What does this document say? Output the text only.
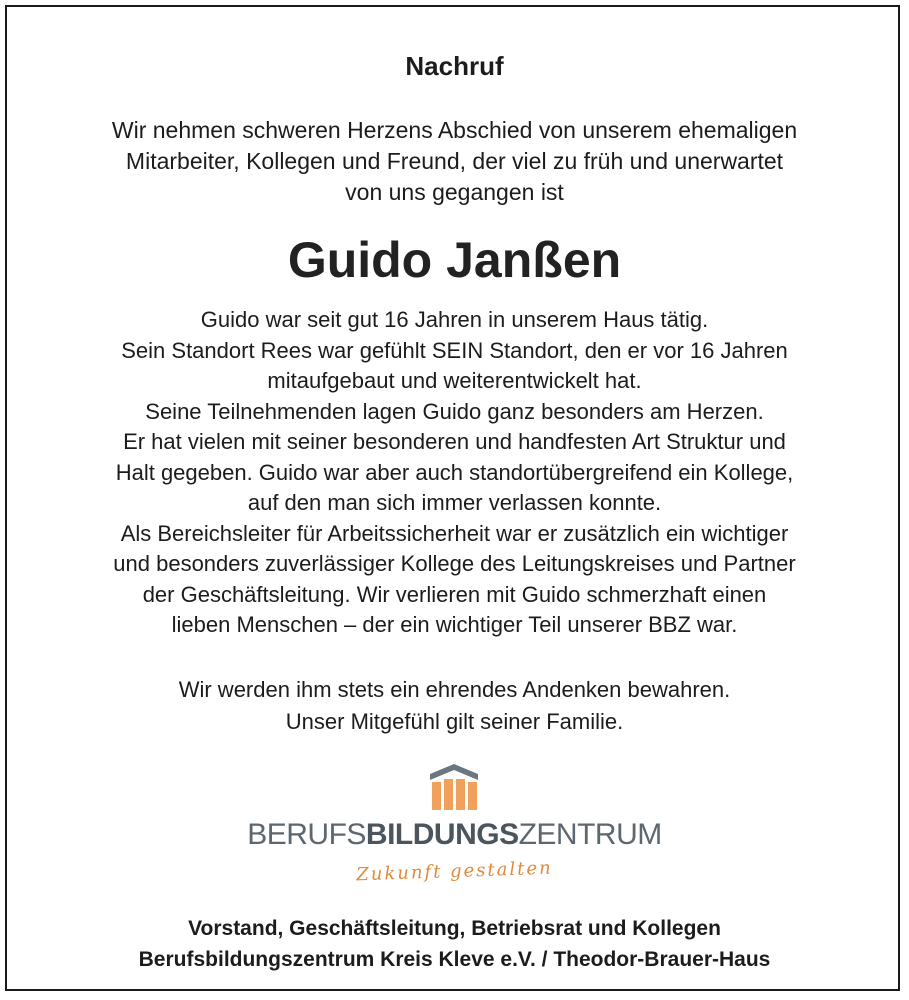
Nachruf
Wir nehmen schweren Herzens Abschied von unserem ehemaligen
Mitarbeiter, Kollegen und Freund, der viel zu früh und unerwartet
von uns gegangen ist
Guido Janßen
Guido war seit gut 16 Jahren in unserem Haus tätig.
Sein Standort Rees war gefühlt SEIN Standort, den er vor 16 Jahren
mitaufgebaut und weiterentwickelt hat.
Seine Teilnehmenden lagen Guido ganz besonders am Herzen.
Er hat vielen mit seiner besonderen und handfesten Art Struktur und
Halt gegeben. Guido war aber auch standortübergreifend ein Kollege,
auf den man sich immer verlassen konnte.
Als Bereichsleiter für Arbeitssicherheit war er zusätzlich ein wichtiger
und besonders zuverlässiger Kollege des Leitungskreises und Partner
der Geschäftsleitung. Wir verlieren mit Guido schmerzhaft einen
lieben Menschen – der ein wichtiger Teil unserer BBZ war.
Wir werden ihm stets ein ehrendes Andenken bewahren.
Unser Mitgefühl gilt seiner Familie.
BERUFSBILDUNGSZENTRUM
Zukunft gestalten
Vorstand, Geschäftsleitung, Betriebsrat und Kollegen
Berufsbildungszentrum Kreis Kleve e.V. / Theodor-Brauer-Haus
